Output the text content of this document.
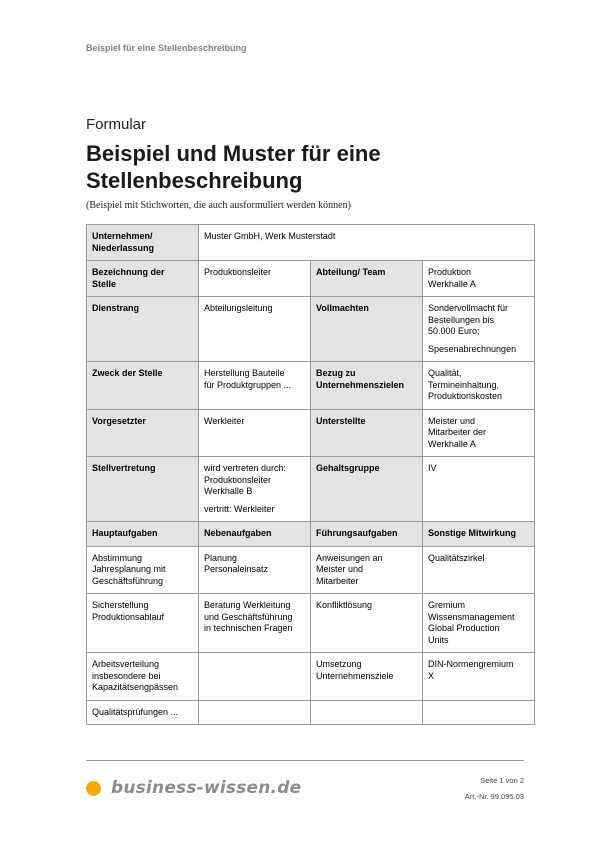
Beispiel für eine Stellenbeschreibung
Formular
Beispiel und Muster für eine Stellenbeschreibung
(Beispiel mit Stichworten, die auch ausformuliert werden können)
Unternehmen/
Niederlassung	Muster GmbH, Werk Musterstadt		

Bezeichnung der
Stelle	Produktionsleiter	Abteilung/ Team	Produktion
Werkhalle A

Dienstrang	Abteilungsleitung	Vollmachten	Sondervollmacht für
Bestellungen bis
50.000 Euro;
Spesenabrechnungen

Zweck der Stelle	Herstellung Bauteile
für Produktgruppen ...	Bezug zu
Unternehmenszielen	Qualität,
Termineinhaltung,
Produktionskosten

Vorgesetzter	Werkleiter	Unterstellte	Meister und
Mitarbeiter der
Werkhalle A

Stellvertretung	wird vertreten durch:
Produktionsleiter
Werkhalle B
vertritt: Werkleiter	Gehaltsgruppe	IV

Hauptaufgaben	Nebenaufgaben	Führungsaufgaben	Sonstige Mitwirkung

Abstimmung
Jahresplanung mit
Geschäftsführung	Planung
Personaleinsatz	Anweisungen an
Meister und
Mitarbeiter	Qualitätszirkel

Sicherstellung
Produktionsablauf	Beratung Werkleitung
und Geschäftsführung
in technischen Fragen	Konfliktlösung	Gremium
Wissensmanagement
Global Production
Units

Arbeitsverteilung
insbesondere bei
Kapazitätsengpässen		Umsetzung
Unternehmensziele	DIN-Normengremium
X

Qualitätsprüfungen ...			

business-wissen.de	Seite 1 von 2
Art.-Nr. 99.095.03
